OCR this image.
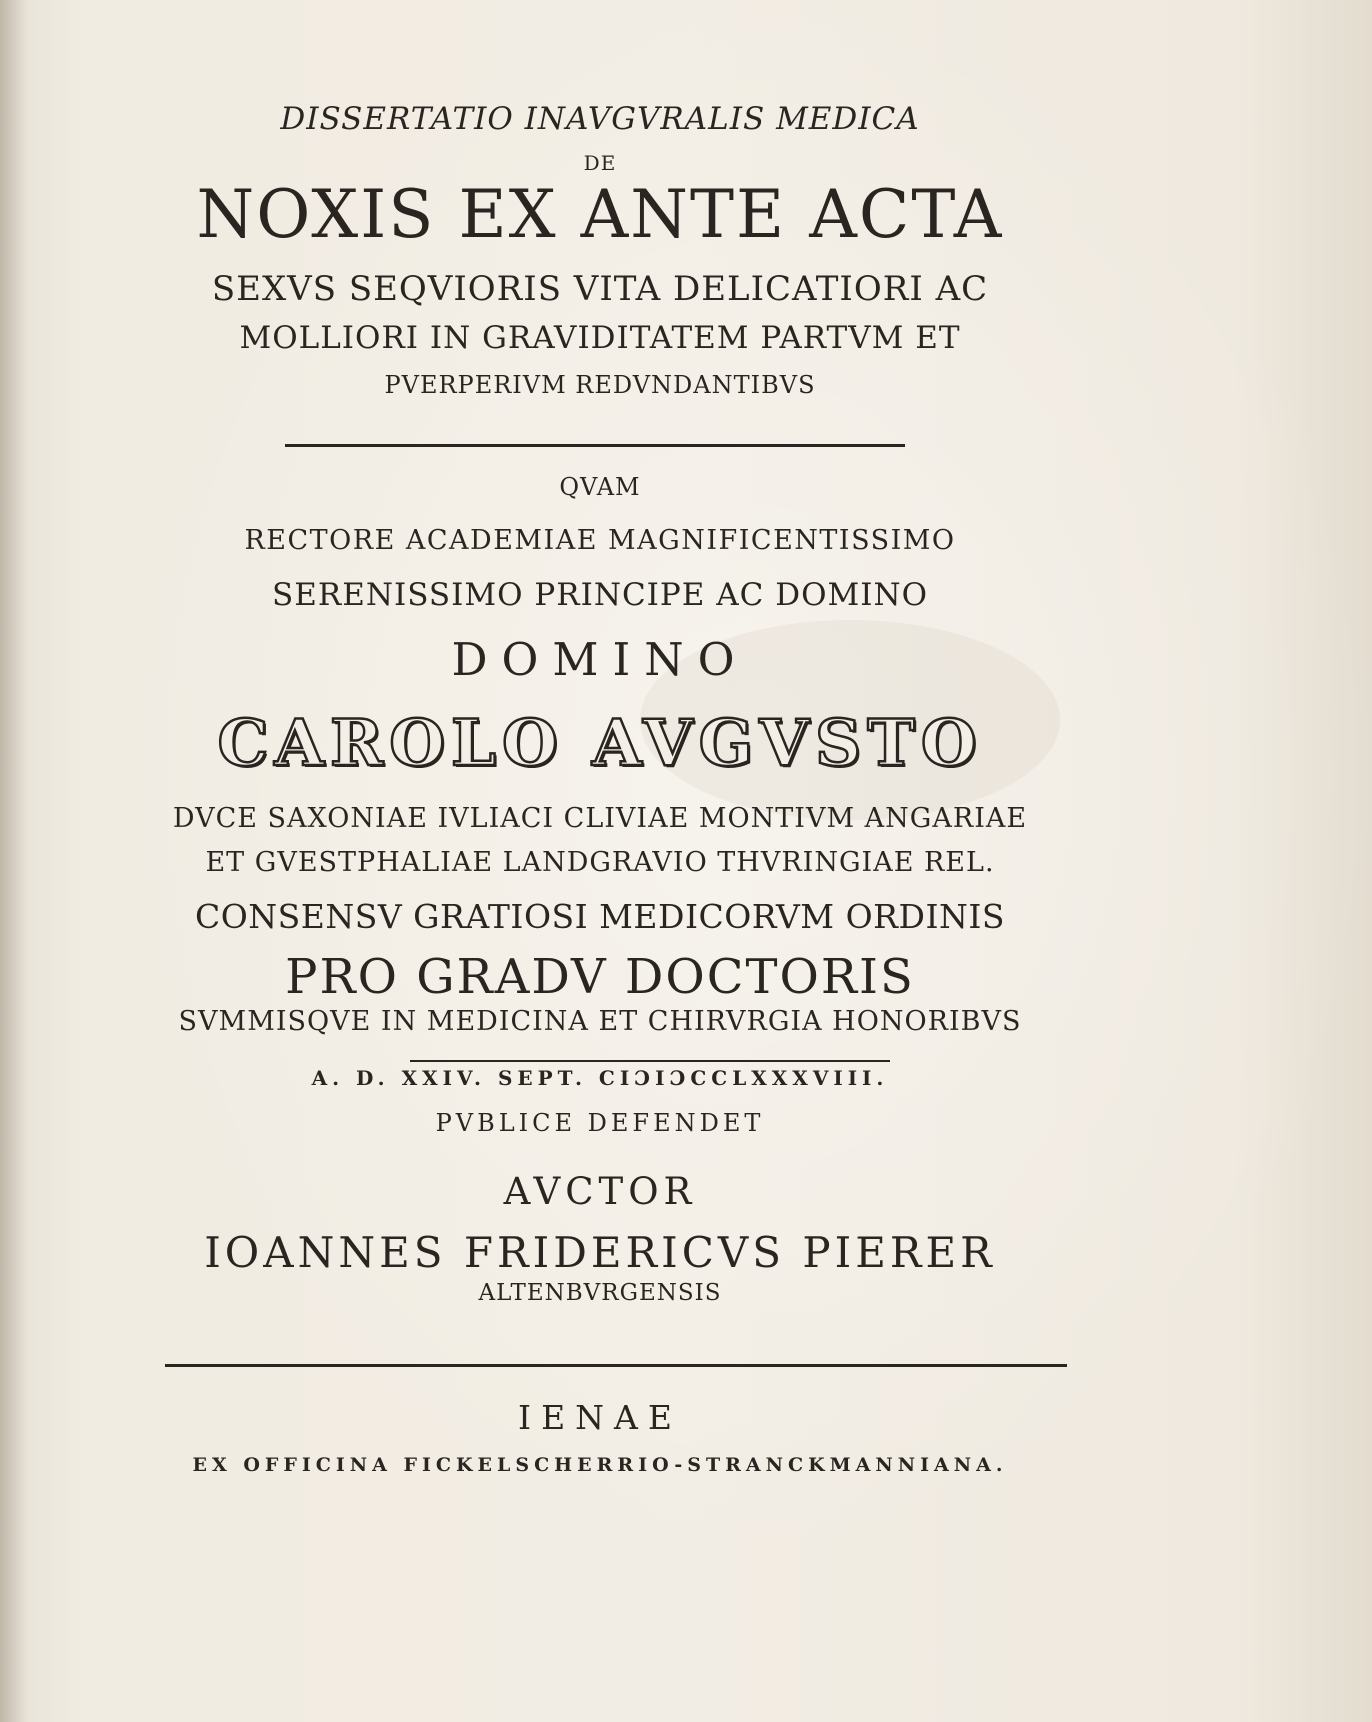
DISSERTATIO INAVGVRALIS MEDICA
DE
NOXIS EX ANTE ACTA
SEXVS SEQVIORIS VITA DELICATIORI AC
MOLLIORI IN GRAVIDITATEM PARTVM ET
PVERPERIVM REDVNDANTIBVS
QVAM
RECTORE ACADEMIAE MAGNIFICENTISSIMO
SERENISSIMO PRINCIPE AC DOMINO
DOMINO
CAROLO AVGVSTO
DVCE SAXONIAE IVLIACI CLIVIAE MONTIVM ANGARIAE
ET GVESTPHALIAE LANDGRAVIO THVRINGIAE REL.
CONSENSV GRATIOSI MEDICORVM ORDINIS
PRO GRADV DOCTORIS
SVMMISQVE IN MEDICINA ET CHIRVRGIA HONORIBVS
A. D. XXIV. SEPT. CIƆIƆCCLXXXVIII.
PVBLICE DEFENDET
AVCTOR
IOANNES FRIDERICVS PIERER
ALTENBVRGENSIS
IENAE
EX OFFICINA FICKELSCHERRIO-STRANCKMANNIANA.
